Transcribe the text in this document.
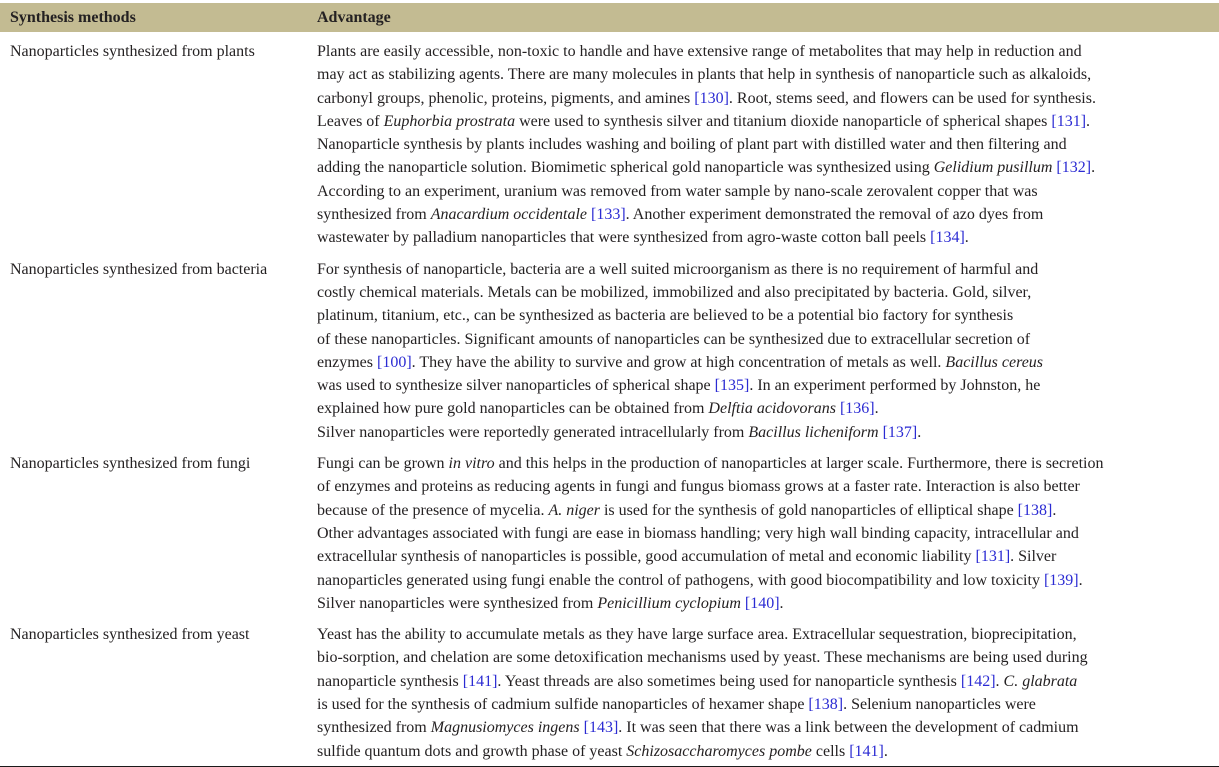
Synthesis methods	Advantage
Nanoparticles synthesized from plants	Plants are easily accessible, non-toxic to handle and have extensive range of metabolites that may help in reduction and
may act as stabilizing agents. There are many molecules in plants that help in synthesis of nanoparticle such as alkaloids,
carbonyl groups, phenolic, proteins, pigments, and amines [130]. Root, stems seed, and flowers can be used for synthesis.
Leaves of Euphorbia prostrata were used to synthesis silver and titanium dioxide nanoparticle of spherical shapes [131].
Nanoparticle synthesis by plants includes washing and boiling of plant part with distilled water and then filtering and
adding the nanoparticle solution. Biomimetic spherical gold nanoparticle was synthesized using Gelidium pusillum [132].
According to an experiment, uranium was removed from water sample by nano-scale zerovalent copper that was
synthesized from Anacardium occidentale [133]. Another experiment demonstrated the removal of azo dyes from
wastewater by palladium nanoparticles that were synthesized from agro-waste cotton ball peels [134].
Nanoparticles synthesized from bacteria	For synthesis of nanoparticle, bacteria are a well suited microorganism as there is no requirement of harmful and
costly chemical materials. Metals can be mobilized, immobilized and also precipitated by bacteria. Gold, silver,
platinum, titanium, etc., can be synthesized as bacteria are believed to be a potential bio factory for synthesis
of these nanoparticles. Significant amounts of nanoparticles can be synthesized due to extracellular secretion of
enzymes [100]. They have the ability to survive and grow at high concentration of metals as well. Bacillus cereus
was used to synthesize silver nanoparticles of spherical shape [135]. In an experiment performed by Johnston, he
explained how pure gold nanoparticles can be obtained from Delftia acidovorans [136].
Silver nanoparticles were reportedly generated intracellularly from Bacillus licheniform [137].
Nanoparticles synthesized from fungi	Fungi can be grown in vitro and this helps in the production of nanoparticles at larger scale. Furthermore, there is secretion
of enzymes and proteins as reducing agents in fungi and fungus biomass grows at a faster rate. Interaction is also better
because of the presence of mycelia. A. niger is used for the synthesis of gold nanoparticles of elliptical shape [138].
Other advantages associated with fungi are ease in biomass handling; very high wall binding capacity, intracellular and
extracellular synthesis of nanoparticles is possible, good accumulation of metal and economic liability [131]. Silver
nanoparticles generated using fungi enable the control of pathogens, with good biocompatibility and low toxicity [139].
Silver nanoparticles were synthesized from Penicillium cyclopium [140].
Nanoparticles synthesized from yeast	Yeast has the ability to accumulate metals as they have large surface area. Extracellular sequestration, bioprecipitation,
bio-sorption, and chelation are some detoxification mechanisms used by yeast. These mechanisms are being used during
nanoparticle synthesis [141]. Yeast threads are also sometimes being used for nanoparticle synthesis [142]. C. glabrata
is used for the synthesis of cadmium sulfide nanoparticles of hexamer shape [138]. Selenium nanoparticles were
synthesized from Magnusiomyces ingens [143]. It was seen that there was a link between the development of cadmium
sulfide quantum dots and growth phase of yeast Schizosaccharomyces pombe cells [141].
